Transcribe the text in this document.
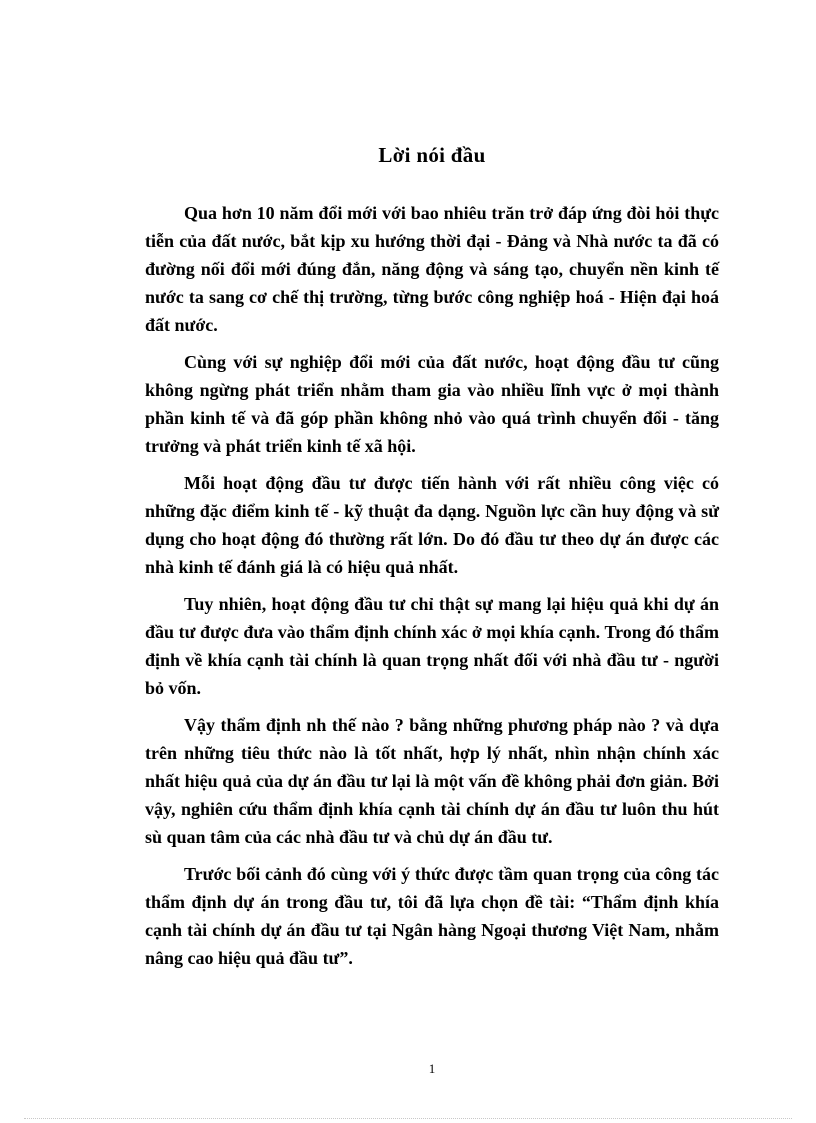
Lời nói đầu

Qua hơn 10 năm đổi mới với bao nhiêu trăn trở đáp ứng đòi hỏi thực tiễn của đất nước, bắt kịp xu hướng thời đại - Đảng và Nhà nước ta đã có đường nối đổi mới đúng đắn, năng động và sáng tạo, chuyển nền kinh tế nước ta sang cơ chế thị trường, từng bước công nghiệp hoá - Hiện đại hoá đất nước.

Cùng với sự nghiệp đổi mới của đất nước, hoạt động đầu tư cũng không ngừng phát triển nhằm tham gia vào nhiều lĩnh vực ở mọi thành phần kinh tế và đã góp phần không nhỏ vào quá trình chuyển đổi - tăng trưởng và phát triển kinh tế xã hội.

Mỗi hoạt động đầu tư được tiến hành với rất nhiều công việc có những đặc điểm kinh tế - kỹ thuật đa dạng. Nguồn lực cần huy động và sử dụng cho hoạt động đó thường rất lớn. Do đó đầu tư theo dự án được các nhà kinh tế đánh giá là có hiệu quả nhất.

Tuy nhiên, hoạt động đầu tư chỉ thật sự mang lại hiệu quả khi dự án đầu tư được đưa vào thẩm định chính xác ở mọi khía cạnh. Trong đó thẩm định về khía cạnh tài chính là quan trọng nhất đối với nhà đầu tư - người bỏ vốn.

Vậy thẩm định nh thế nào ? bằng những phương pháp nào ? và dựa trên những tiêu thức nào là tốt nhất, hợp lý nhất, nhìn nhận chính xác nhất hiệu quả của dự án đầu tư lại là một vấn đề không phải đơn giản. Bởi vậy, nghiên cứu thẩm định khía cạnh tài chính dự án đầu tư luôn thu hút sù quan tâm của các nhà đầu tư và chủ dự án đầu tư.

Trước bối cảnh đó cùng với ý thức được tầm quan trọng của công tác thẩm định dự án trong đầu tư, tôi đã lựa chọn đề tài: “Thẩm định khía cạnh tài chính dự án đầu tư tại Ngân hàng Ngoại thương Việt Nam, nhằm nâng cao hiệu quả đầu tư”.

1
